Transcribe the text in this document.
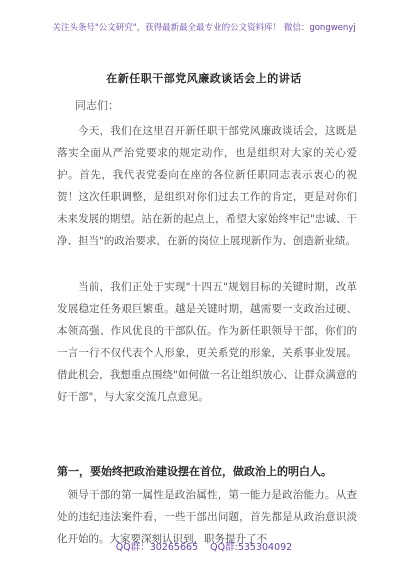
关注头条号"公文研究"，获得最新最全最专业的公文资料库！ 微信：gongwenyj
在新任职干部党风廉政谈话会上的讲话
同志们：

今天，我们在这里召开新任职干部党风廉政谈话会，这既是落实全面从严治党要求的规定动作，也是组织对大家的关心爱护。首先，我代表党委向在座的各位新任职同志表示衷心的祝贺！这次任职调整，是组织对你们过去工作的肯定，更是对你们未来发展的期望。站在新的起点上，希望大家始终牢记"忠诚、干净、担当"的政治要求，在新的岗位上展现新作为、创造新业绩。

当前，我们正处于实现"十四五"规划目标的关键时期，改革发展稳定任务艰巨繁重。越是关键时期，越需要一支政治过硬、本领高强、作风优良的干部队伍。作为新任职领导干部，你们的一言一行不仅代表个人形象，更关系党的形象，关系事业发展。借此机会，我想重点围绕"如何做一名让组织放心、让群众满意的好干部"，与大家交流几点意见。

第一，要始终把政治建设摆在首位，做政治上的明白人。

领导干部的第一属性是政治属性，第一能力是政治能力。从查处的违纪违法案件看，一些干部出问题，首先都是从政治意识淡化开始的。大家要深刻认识到，职务提升了不

QQ群：30265665 QQ群:535304092
